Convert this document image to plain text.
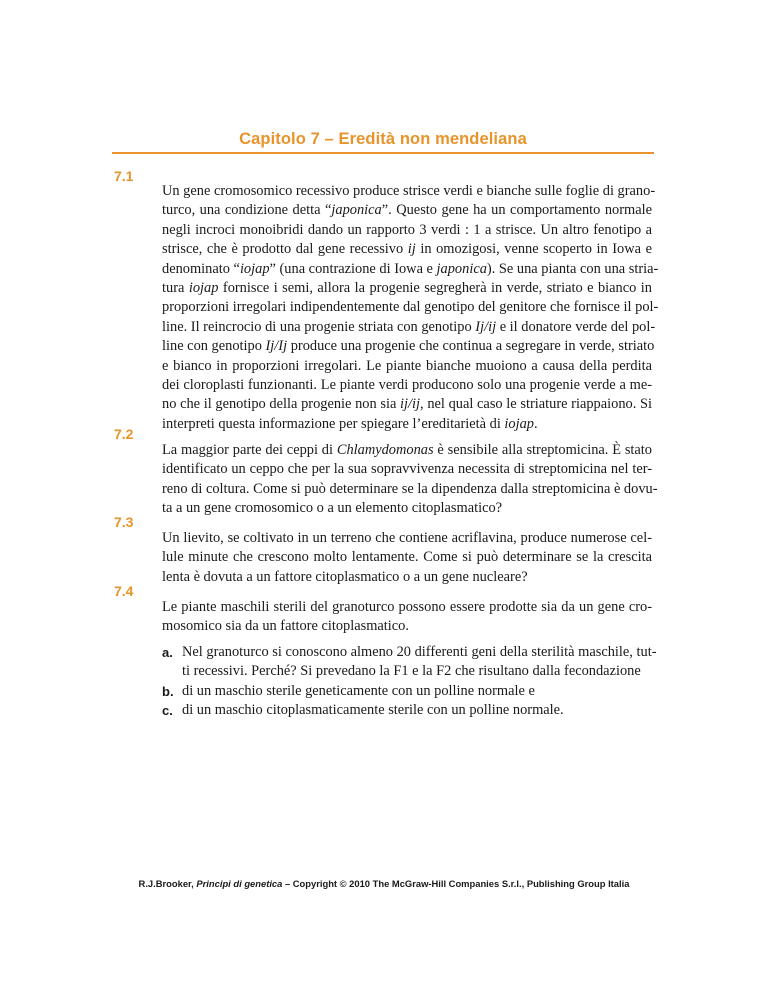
Capitolo 7 – Eredità non mendeliana
7.1
Un gene cromosomico recessivo produce strisce verdi e bianche sulle foglie di grano-
turco, una condizione detta “japonica”. Questo gene ha un comportamento normale
negli incroci monoibridi dando un rapporto 3 verdi : 1 a strisce. Un altro fenotipo a
strisce, che è prodotto dal gene recessivo ij in omozigosi, venne scoperto in Iowa e
denominato “iojap” (una contrazione di Iowa e japonica). Se una pianta con una stria-
tura iojap fornisce i semi, allora la progenie segregherà in verde, striato e bianco in
proporzioni irregolari indipendentemente dal genotipo del genitore che fornisce il pol-
line. Il reincrocio di una progenie striata con genotipo Ij/ij e il donatore verde del pol-
line con genotipo Ij/Ij produce una progenie che continua a segregare in verde, striato
e bianco in proporzioni irregolari. Le piante bianche muoiono a causa della perdita
dei cloroplasti funzionanti. Le piante verdi producono solo una progenie verde a me-
no che il genotipo della progenie non sia ij/ij, nel qual caso le striature riappaiono. Si
interpreti questa informazione per spiegare l’ereditarietà di iojap.
7.2
La maggior parte dei ceppi di Chlamydomonas è sensibile alla streptomicina. È stato
identificato un ceppo che per la sua sopravvivenza necessita di streptomicina nel ter-
reno di coltura. Come si può determinare se la dipendenza dalla streptomicina è dovu-
ta a un gene cromosomico o a un elemento citoplasmatico?
7.3
Un lievito, se coltivato in un terreno che contiene acriflavina, produce numerose cel-
lule minute che crescono molto lentamente. Come si può determinare se la crescita
lenta è dovuta a un fattore citoplasmatico o a un gene nucleare?
7.4
Le piante maschili sterili del granoturco possono essere prodotte sia da un gene cro-
mosomico sia da un fattore citoplasmatico.
a. Nel granoturco si conoscono almeno 20 differenti geni della sterilità maschile, tut-
ti recessivi. Perché? Si prevedano la F1 e la F2 che risultano dalla fecondazione
b. di un maschio sterile geneticamente con un polline normale e
c. di un maschio citoplasmaticamente sterile con un polline normale.
R.J.Brooker, Principi di genetica – Copyright © 2010 The McGraw-Hill Companies S.r.l., Publishing Group Italia
